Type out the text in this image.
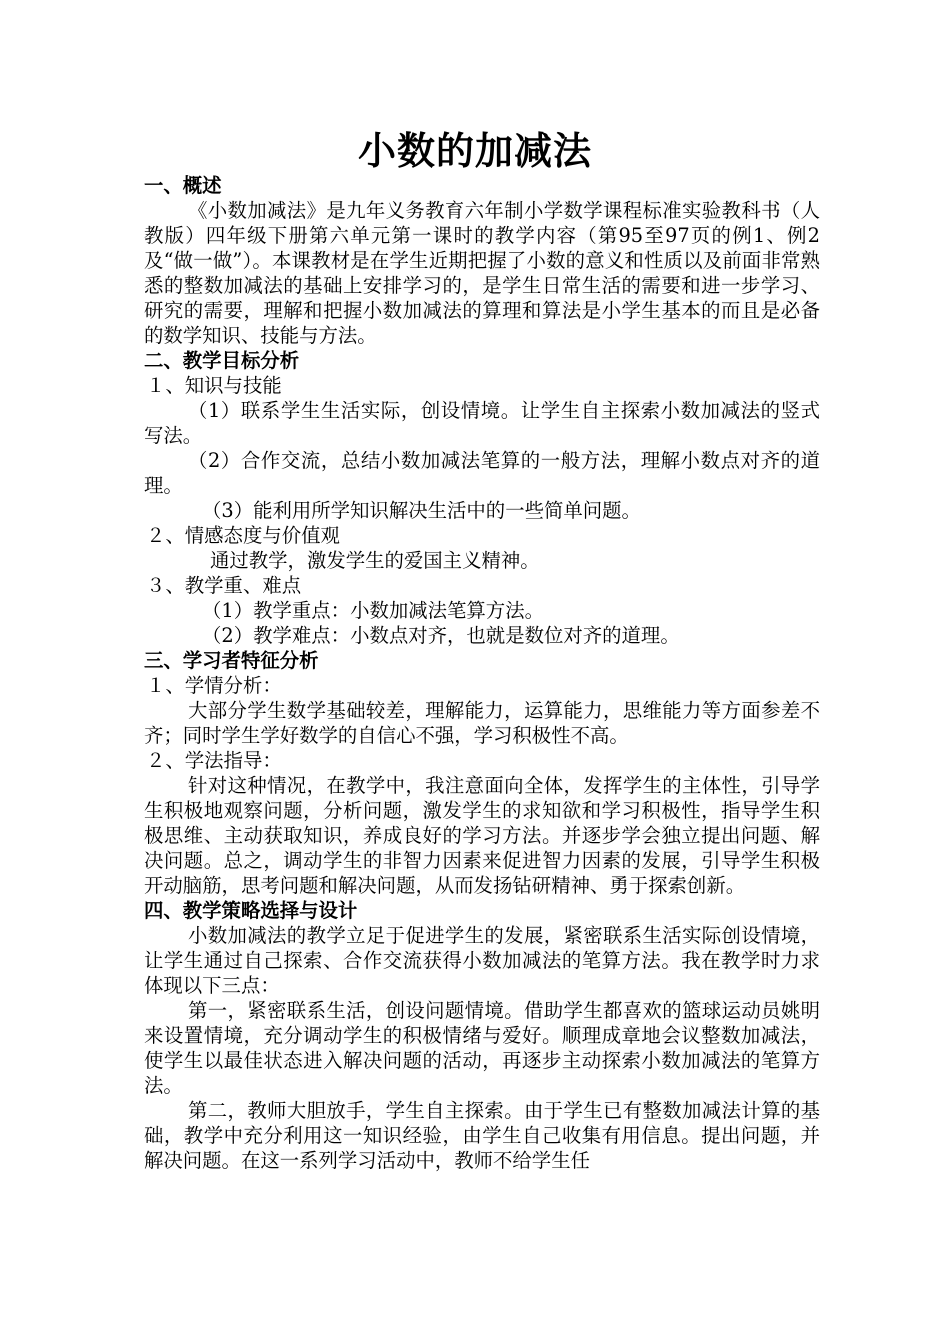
小数的加减法

一、概述

《小数加减法》是九年义务教育六年制小学数学课程标准实验教科书（人教版）四年级下册第六单元第一课时的教学内容（第95至97页的例1、例2及“做一做”）。本课教材是在学生近期把握了小数的意义和性质以及前面非常熟悉的整数加减法的基础上安排学习的，是学生日常生活的需要和进一步学习、研究的需要，理解和把握小数加减法的算理和算法是小学生基本的而且是必备的数学知识、技能与方法。

二、教学目标分析

１、知识与技能

（1）联系学生生活实际，创设情境。让学生自主探索小数加减法的竖式写法。

（2）合作交流，总结小数加减法笔算的一般方法，理解小数点对齐的道理。

（3）能利用所学知识解决生活中的一些简单问题。

２、情感态度与价值观

通过教学，激发学生的爱国主义精神。

３、教学重、难点

（1）教学重点：小数加减法笔算方法。

（2）教学难点：小数点对齐，也就是数位对齐的道理。

三、学习者特征分析

１、学情分析：

大部分学生数学基础较差，理解能力，运算能力，思维能力等方面参差不齐；同时学生学好数学的自信心不强，学习积极性不高。

２、学法指导：

针对这种情况，在教学中，我注意面向全体，发挥学生的主体性，引导学生积极地观察问题，分析问题，激发学生的求知欲和学习积极性，指导学生积极思维、主动获取知识，养成良好的学习方法。并逐步学会独立提出问题、解决问题。总之，调动学生的非智力因素来促进智力因素的发展，引导学生积极开动脑筋，思考问题和解决问题，从而发扬钻研精神、勇于探索创新。

四、教学策略选择与设计

小数加减法的教学立足于促进学生的发展，紧密联系生活实际创设情境，让学生通过自己探索、合作交流获得小数加减法的笔算方法。我在教学时力求体现以下三点：

第一，紧密联系生活，创设问题情境。借助学生都喜欢的篮球运动员姚明来设置情境，充分调动学生的积极情绪与爱好。顺理成章地会议整数加减法，使学生以最佳状态进入解决问题的活动，再逐步主动探索小数加减法的笔算方法。

第二，教师大胆放手，学生自主探索。由于学生已有整数加减法计算的基础，教学中充分利用这一知识经验，由学生自己收集有用信息。提出问题，并解决问题。在这一系列学习活动中，教师不给学生任
